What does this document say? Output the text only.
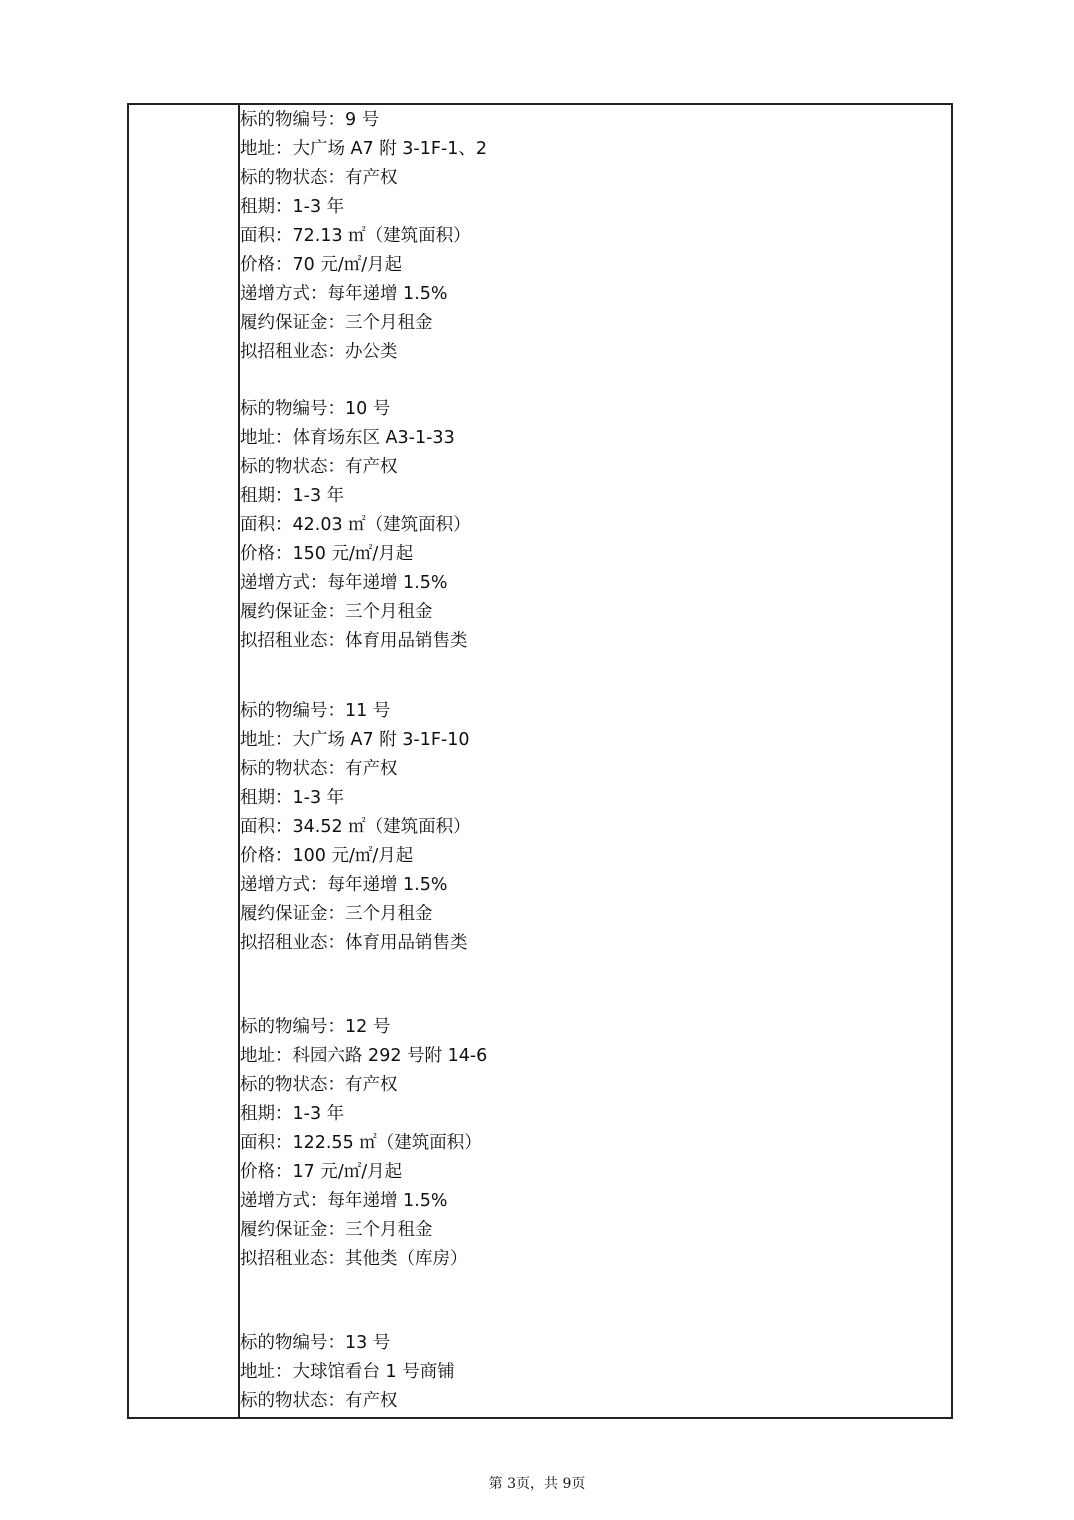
标的物编号：9 号
地址：大广场 A7 附 3-1F-1、2
标的物状态：有产权
租期：1-3 年
面积：72.13 ㎡（建筑面积）
价格：70 元/㎡/月起
递增方式：每年递增 1.5%
履约保证金：三个月租金
拟招租业态：办公类
标的物编号：10 号
地址：体育场东区 A3-1-33
标的物状态：有产权
租期：1-3 年
面积：42.03 ㎡（建筑面积）
价格：150 元/㎡/月起
递增方式：每年递增 1.5%
履约保证金：三个月租金
拟招租业态：体育用品销售类
标的物编号：11 号
地址：大广场 A7 附 3-1F-10
标的物状态：有产权
租期：1-3 年
面积：34.52 ㎡（建筑面积）
价格：100 元/㎡/月起
递增方式：每年递增 1.5%
履约保证金：三个月租金
拟招租业态：体育用品销售类
标的物编号：12 号
地址：科园六路 292 号附 14-6
标的物状态：有产权
租期：1-3 年
面积：122.55 ㎡（建筑面积）
价格：17 元/㎡/月起
递增方式：每年递增 1.5%
履约保证金：三个月租金
拟招租业态：其他类（库房）
标的物编号：13 号
地址：大球馆看台 1 号商铺
标的物状态：有产权
第 3页，共 9页
